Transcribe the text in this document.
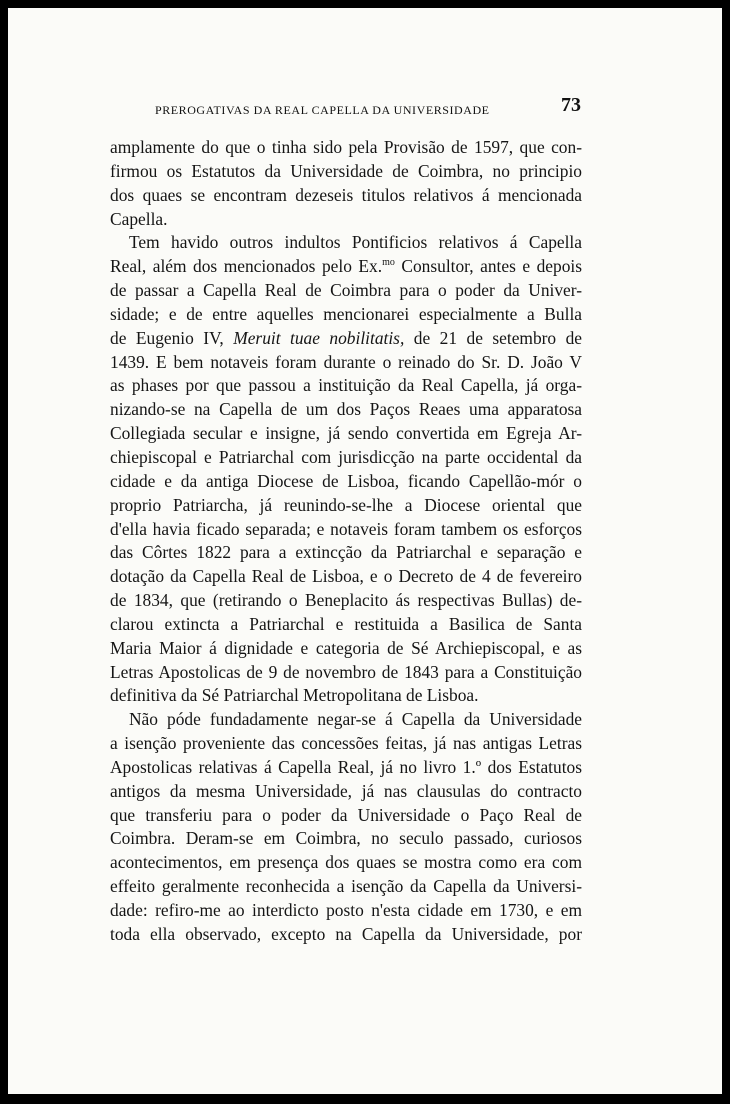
PREROGATIVAS DA REAL CAPELLA DA UNIVERSIDADE	73
amplamente do que o tinha sido pela Provisão de 1597, que con-
firmou os Estatutos da Universidade de Coimbra, no principio
dos quaes se encontram dezeseis titulos relativos á mencionada
Capella.
Tem havido outros indultos Pontificios relativos á Capella
Real, além dos mencionados pelo Ex.$^{mo}$ Consultor, antes e depois
de passar a Capella Real de Coimbra para o poder da Univer-
sidade; e de entre aquelles mencionarei especialmente a Bulla
de Eugenio IV, Meruit tuae nobilitatis, de 21 de setembro de
1439. E bem notaveis foram durante o reinado do Sr. D. João V
as phases por que passou a instituição da Real Capella, já orga-
nizando-se na Capella de um dos Paços Reaes uma apparatosa
Collegiada secular e insigne, já sendo convertida em Egreja Ar-
chiepiscopal e Patriarchal com jurisdicção na parte occidental da
cidade e da antiga Diocese de Lisboa, ficando Capellão-mór o
proprio Patriarcha, já reunindo-se-lhe a Diocese oriental que
d'ella havia ficado separada; e notaveis foram tambem os esforços
das Côrtes 1822 para a extincção da Patriarchal e separação e
dotação da Capella Real de Lisboa, e o Decreto de 4 de fevereiro
de 1834, que (retirando o Beneplacito ás respectivas Bullas) de-
clarou extincta a Patriarchal e restituida a Basilica de Santa
Maria Maior á dignidade e categoria de Sé Archiepiscopal, e as
Letras Apostolicas de 9 de novembro de 1843 para a Constituição
definitiva da Sé Patriarchal Metropolitana de Lisboa.
Não póde fundadamente negar-se á Capella da Universidade
a isenção proveniente das concessões feitas, já nas antigas Letras
Apostolicas relativas á Capella Real, já no livro 1.º dos Estatutos
antigos da mesma Universidade, já nas clausulas do contracto
que transferiu para o poder da Universidade o Paço Real de
Coimbra. Deram-se em Coimbra, no seculo passado, curiosos
acontecimentos, em presença dos quaes se mostra como era com
effeito geralmente reconhecida a isenção da Capella da Universi-
dade: refiro-me ao interdicto posto n'esta cidade em 1730, e em
toda ella observado, excepto na Capella da Universidade, por
